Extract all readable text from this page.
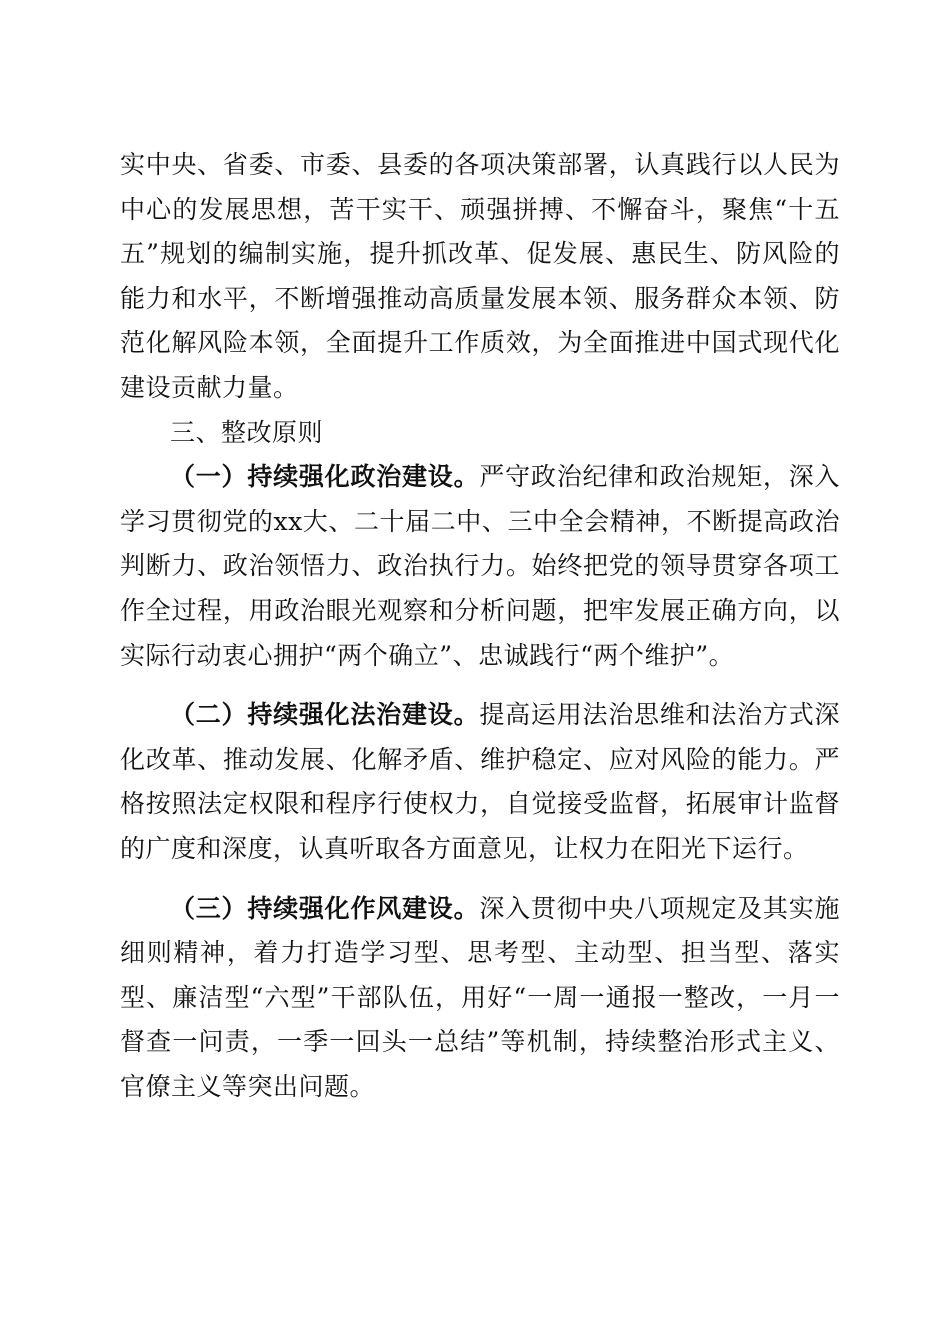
实中央、省委、市委、县委的各项决策部署，认真践行以人民为中心的发展思想，苦干实干、顽强拼搏、不懈奋斗，聚焦“十五五”规划的编制实施，提升抓改革、促发展、惠民生、防风险的能力和水平，不断增强推动高质量发展本领、服务群众本领、防范化解风险本领，全面提升工作质效，为全面推进中国式现代化建设贡献力量。

三、整改原则

（一）持续强化政治建设。严守政治纪律和政治规矩，深入学习贯彻党的xx大、二十届二中、三中全会精神，不断提高政治判断力、政治领悟力、政治执行力。始终把党的领导贯穿各项工作全过程，用政治眼光观察和分析问题，把牢发展正确方向，以实际行动衷心拥护“两个确立”、忠诚践行“两个维护”。

（二）持续强化法治建设。提高运用法治思维和法治方式深化改革、推动发展、化解矛盾、维护稳定、应对风险的能力。严格按照法定权限和程序行使权力，自觉接受监督，拓展审计监督的广度和深度，认真听取各方面意见，让权力在阳光下运行。

（三）持续强化作风建设。深入贯彻中央八项规定及其实施细则精神，着力打造学习型、思考型、主动型、担当型、落实型、廉洁型“六型”干部队伍，用好“一周一通报一整改，一月一督查一问责，一季一回头一总结”等机制，持续整治形式主义、官僚主义等突出问题。
